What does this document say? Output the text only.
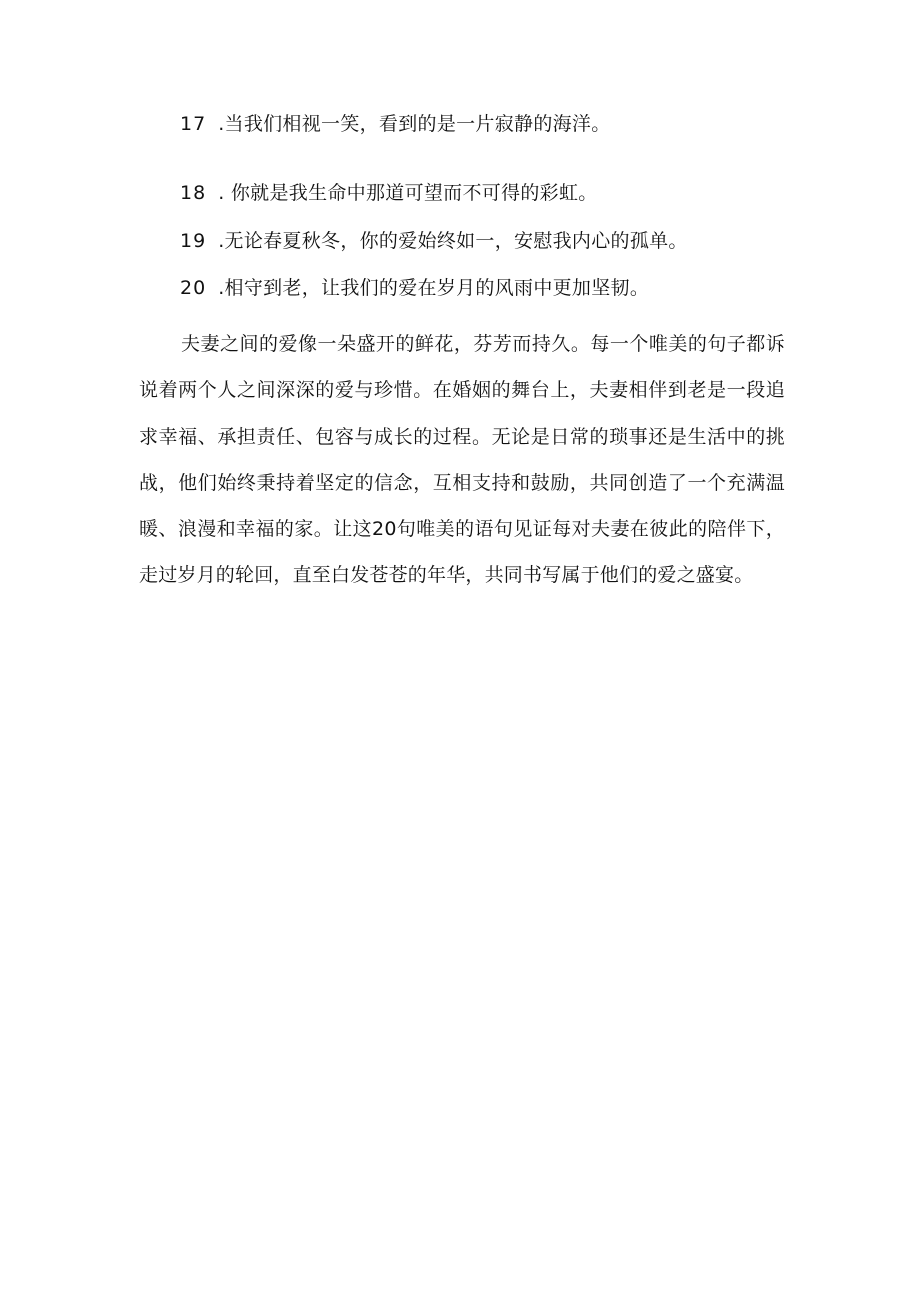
17 .当我们相视一笑，看到的是一片寂静的海洋。
18 . 你就是我生命中那道可望而不可得的彩虹。
19 .无论春夏秋冬，你的爱始终如一，安慰我内心的孤单。
20 .相守到老，让我们的爱在岁月的风雨中更加坚韧。

夫妻之间的爱像一朵盛开的鲜花，芬芳而持久。每一个唯美的句子都诉说着两个人之间深深的爱与珍惜。在婚姻的舞台上，夫妻相伴到老是一段追求幸福、承担责任、包容与成长的过程。无论是日常的琐事还是生活中的挑战，他们始终秉持着坚定的信念，互相支持和鼓励，共同创造了一个充满温暖、浪漫和幸福的家。让这20句唯美的语句见证每对夫妻在彼此的陪伴下，走过岁月的轮回，直至白发苍苍的年华，共同书写属于他们的爱之盛宴。
